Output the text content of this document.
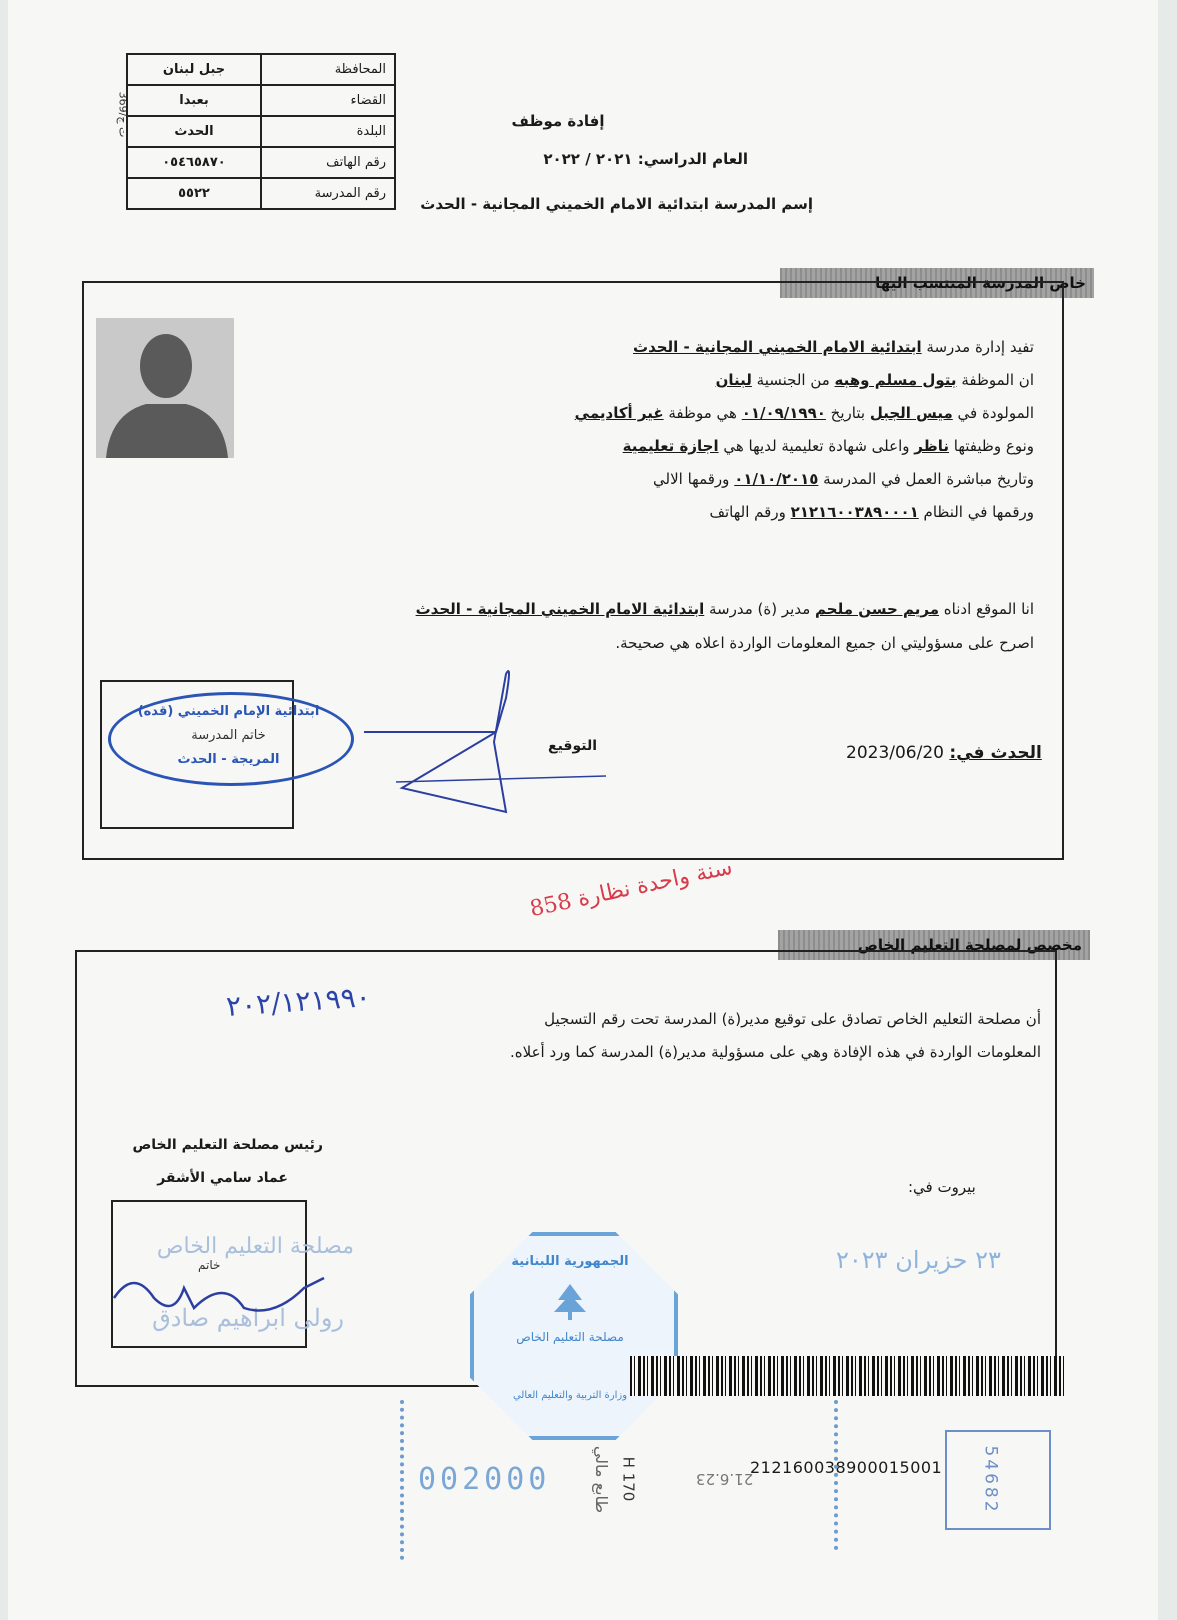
369/ت ج
جبل لبنان	المحافظة
بعبدا	القضاء
الحدث	البلدة
٠٥٤٦٥٨٧٠	رقم الهاتف
٥٥٢٢	رقم المدرسة
إفادة موظف
العام الدراسي: ٢٠٢١ / ٢٠٢٢
إسم المدرسة ابتدائية الامام الخميني المجانية - الحدث
خاص المدرسة المنتسب اليها
تفيد إدارة مدرسة ابتدائية الامام الخميني المجانية - الحدث
ان الموظفة بتول مسلم وهبه من الجنسية لبنان
المولودة في ميس الجبل بتاريخ ٠١/٠٩/١٩٩٠ هي موظفة غير أكاديمي
ونوع وظيفتها ناظر واعلى شهادة تعليمية لديها هي اجازة تعليمية
وتاريخ مباشرة العمل في المدرسة ٠١/١٠/٢٠١٥ ورقمها الالي
ورقمها في النظام ٢١٢١٦٠٠٣٨٩٠٠٠١ ورقم الهاتف
انا الموقع ادناه مريم حسن ملحم مدير (ة) مدرسة ابتدائية الامام الخميني المجانية - الحدث
اصرح على مسؤوليتي ان جميع المعلومات الواردة اعلاه هي صحيحة.
الحدث في: 2023/06/20
التوقيع
ابتدائية الإمام الخميني (قده)
خاتم المدرسة
المريجة - الحدث
سنة واحدة نظارة 858
مخصص لمصلحة التعليم الخاص
أن مصلحة التعليم الخاص تصادق على توقيع مدير(ة) المدرسة تحت رقم التسجيل
٢٠٢/١٢١٩٩٠
المعلومات الواردة في هذه الإفادة وهي على مسؤولية مدير(ة) المدرسة كما ورد أعلاه.
رئيس مصلحة التعليم الخاص
عماد سامي الأشقر	بيروت في:
٢٣ حزيران ٢٠٢٣
خاتم
مصلحة التعليم الخاص
رولى ابراهيم صادق
الجمهورية اللبنانية
مصلحة التعليم الخاص
وزارة التربية والتعليم العالي
212160038900015001
002000	H 170	21.6.23
طابع مالي	54682
